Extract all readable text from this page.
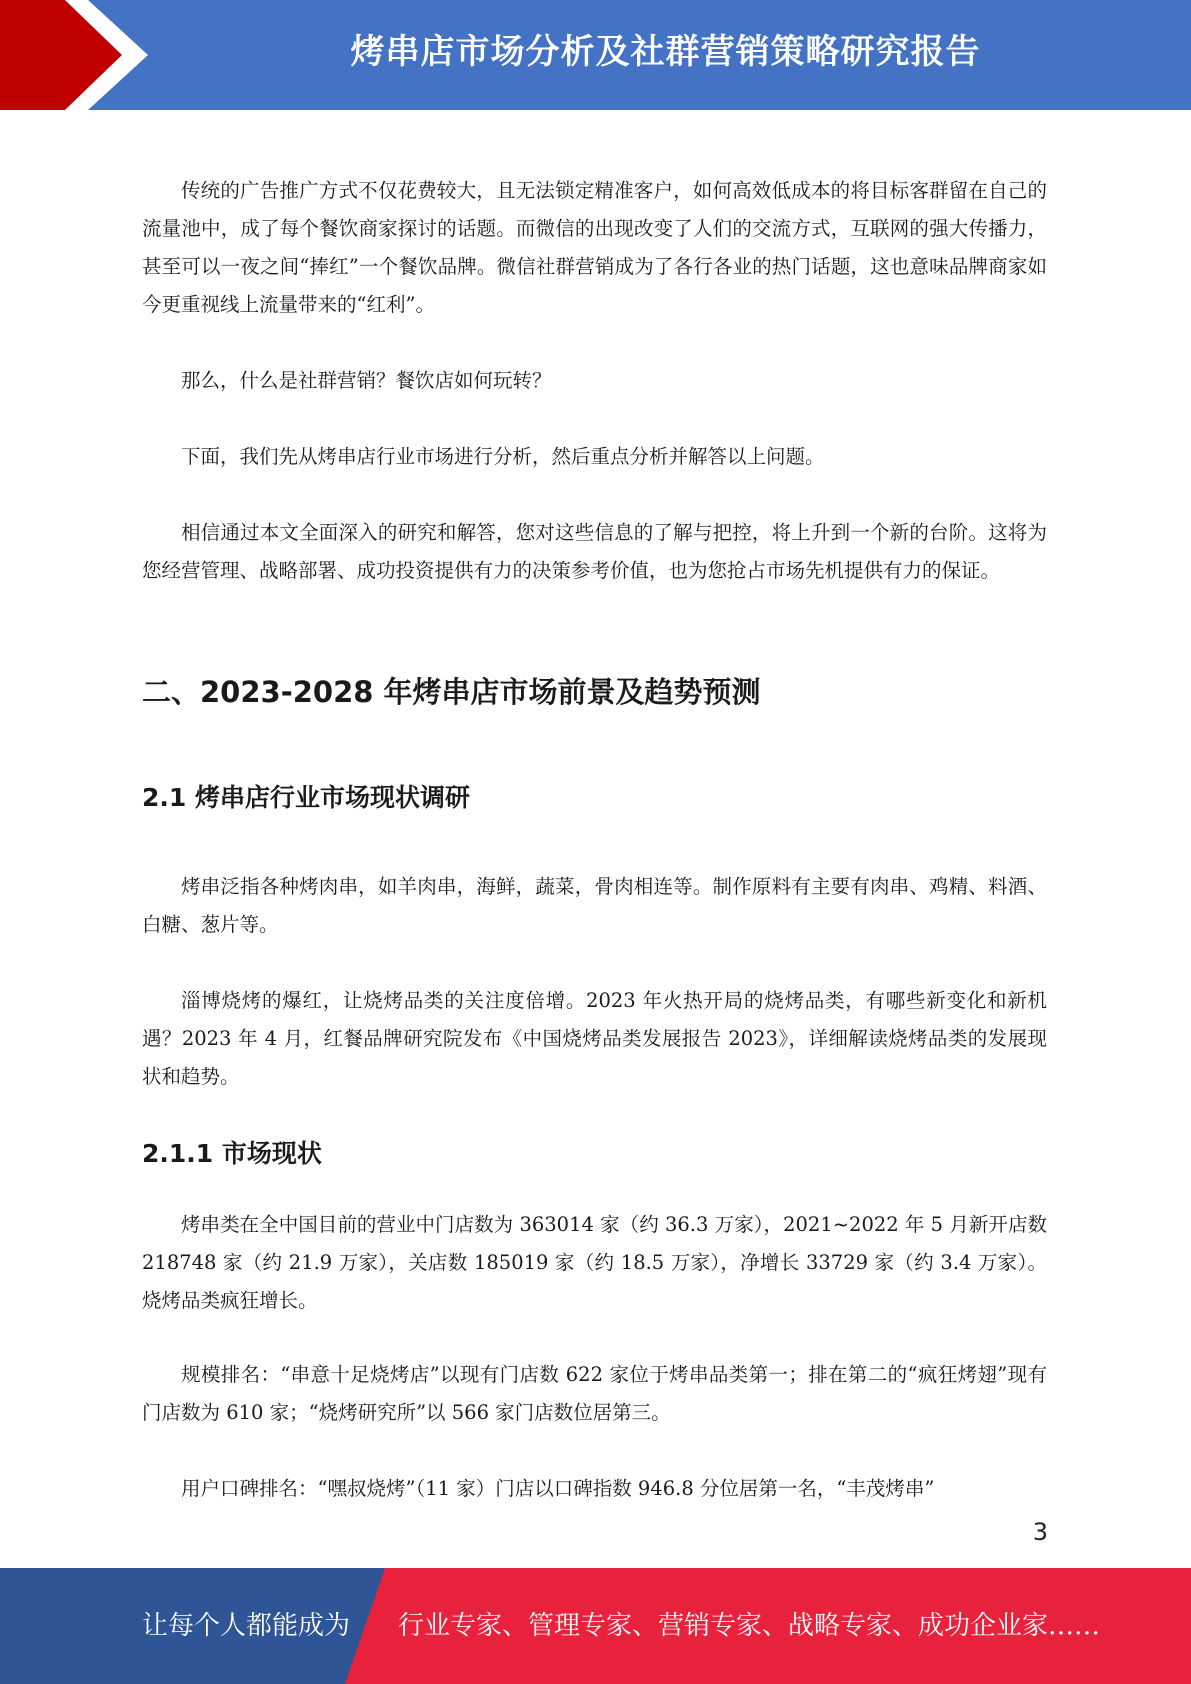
烤串店市场分析及社群营销策略研究报告

传统的广告推广方式不仅花费较大，且无法锁定精准客户，如何高效低成本的将目标客群留在自己的流量池中，成了每个餐饮商家探讨的话题。而微信的出现改变了人们的交流方式，互联网的强大传播力，甚至可以一夜之间“捧红”一个餐饮品牌。微信社群营销成为了各行各业的热门话题，这也意味品牌商家如今更重视线上流量带来的“红利”。

那么，什么是社群营销？餐饮店如何玩转？

下面，我们先从烤串店行业市场进行分析，然后重点分析并解答以上问题。

相信通过本文全面深入的研究和解答，您对这些信息的了解与把控，将上升到一个新的台阶。这将为您经营管理、战略部署、成功投资提供有力的决策参考价值，也为您抢占市场先机提供有力的保证。

二、2023-2028 年烤串店市场前景及趋势预测
2.1 烤串店行业市场现状调研

烤串泛指各种烤肉串，如羊肉串，海鲜，蔬菜，骨肉相连等。制作原料有主要有肉串、鸡精、料酒、白糖、葱片等。

淄博烧烤的爆红，让烧烤品类的关注度倍增。2023 年火热开局的烧烤品类，有哪些新变化和新机遇？2023 年 4 月，红餐品牌研究院发布《中国烧烤品类发展报告 2023》，详细解读烧烤品类的发展现状和趋势。

2.1.1 市场现状

烤串类在全中国目前的营业中门店数为 363014 家（约 36.3 万家），2021~2022 年 5 月新开店数 218748 家（约 21.9 万家），关店数 185019 家（约 18.5 万家），净增长 33729 家（约 3.4 万家）。烧烤品类疯狂增长。

规模排名：“串意十足烧烤店”以现有门店数 622 家位于烤串品类第一；排在第二的“疯狂烤翅”现有门店数为 610 家；“烧烤研究所”以 566 家门店数位居第三。

用户口碑排名：“嘿叔烧烤”（11 家）门店以口碑指数 946.8 分位居第一名，“丰茂烤串”

3
让每个人都能成为 行业专家、管理专家、营销专家、战略专家、成功企业家……
